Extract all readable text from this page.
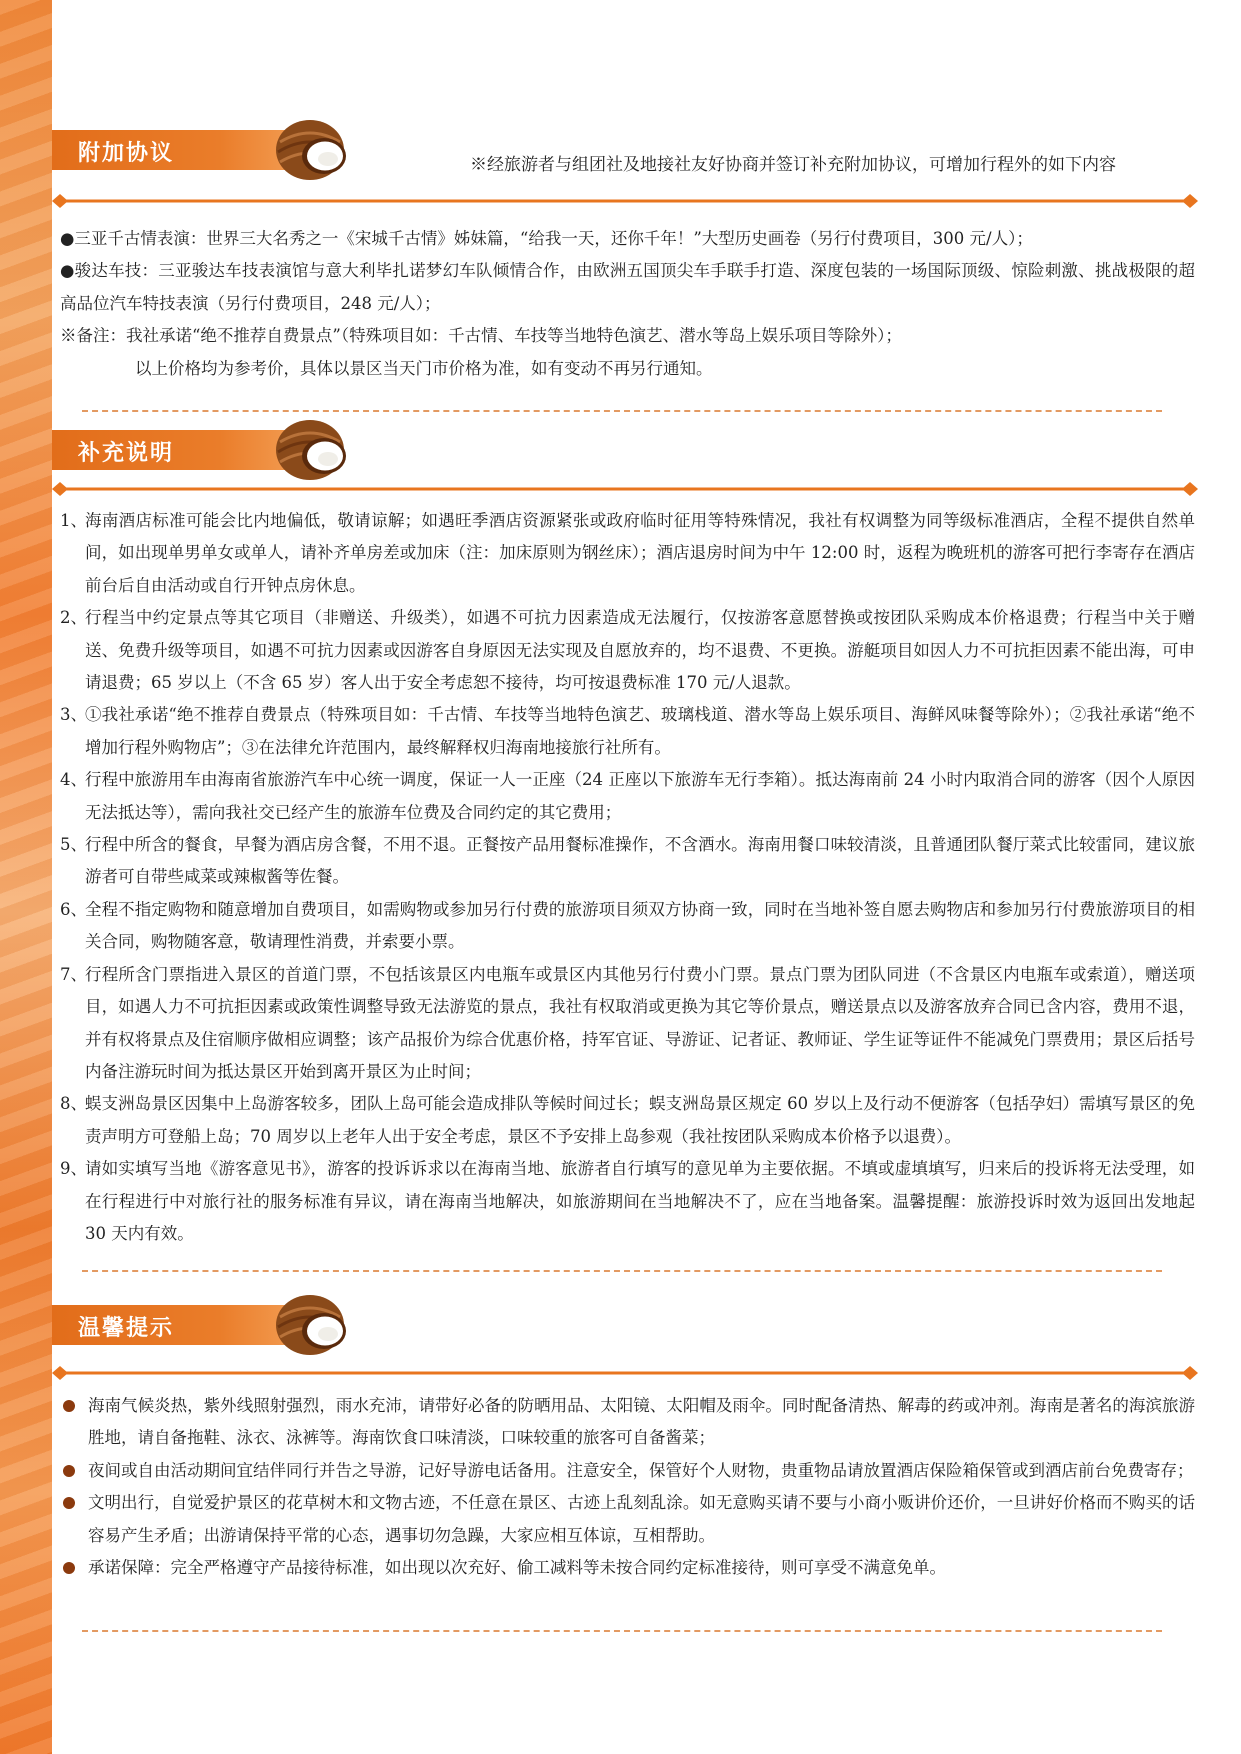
附加协议	※经旅游者与组团社及地接社友好协商并签订补充附加协议，可增加行程外的如下内容

●三亚千古情表演：世界三大名秀之一《宋城千古情》姊妹篇，“给我一天，还你千年！”大型历史画卷（另行付费项目，300 元/人）；

●骏达车技：三亚骏达车技表演馆与意大利毕扎诺梦幻车队倾情合作，由欧洲五国顶尖车手联手打造、深度包装的一场国际顶级、惊险刺激、挑战极限的超高品位汽车特技表演（另行付费项目，248 元/人）；

※备注：我社承诺“绝不推荐自费景点”（特殊项目如：千古情、车技等当地特色演艺、潜水等岛上娱乐项目等除外）；

以上价格均为参考价，具体以景区当天门市价格为准，如有变动不再另行通知。

补充说明
1、
海南酒店标准可能会比内地偏低，敬请谅解；如遇旺季酒店资源紧张或政府临时征用等特殊情况，我社有权调整为同等级标准酒店，全程不提供自然单间，如出现单男单女或单人，请补齐单房差或加床（注：加床原则为钢丝床）；酒店退房时间为中午 12:00 时，返程为晚班机的游客可把行李寄存在酒店前台后自由活动或自行开钟点房休息。
2、
行程当中约定景点等其它项目（非赠送、升级类），如遇不可抗力因素造成无法履行，仅按游客意愿替换或按团队采购成本价格退费；行程当中关于赠送、免费升级等项目，如遇不可抗力因素或因游客自身原因无法实现及自愿放弃的，均不退费、不更换。游艇项目如因人力不可抗拒因素不能出海，可申请退费；65 岁以上（不含 65 岁）客人出于安全考虑恕不接待，均可按退费标准 170 元/人退款。
3、
①我社承诺“绝不推荐自费景点（特殊项目如：千古情、车技等当地特色演艺、玻璃栈道、潜水等岛上娱乐项目、海鲜风味餐等除外）；②我社承诺“绝不增加行程外购物店”；③在法律允许范围内，最终解释权归海南地接旅行社所有。
4、
行程中旅游用车由海南省旅游汽车中心统一调度，保证一人一正座（24 正座以下旅游车无行李箱）。抵达海南前 24 小时内取消合同的游客（因个人原因无法抵达等），需向我社交已经产生的旅游车位费及合同约定的其它费用；
5、
行程中所含的餐食，早餐为酒店房含餐，不用不退。正餐按产品用餐标准操作，不含酒水。海南用餐口味较清淡，且普通团队餐厅菜式比较雷同，建议旅游者可自带些咸菜或辣椒酱等佐餐。
6、
全程不指定购物和随意增加自费项目，如需购物或参加另行付费的旅游项目须双方协商一致，同时在当地补签自愿去购物店和参加另行付费旅游项目的相关合同，购物随客意，敬请理性消费，并索要小票。
7、
行程所含门票指进入景区的首道门票，不包括该景区内电瓶车或景区内其他另行付费小门票。景点门票为团队同进（不含景区内电瓶车或索道），赠送项目，如遇人力不可抗拒因素或政策性调整导致无法游览的景点，我社有权取消或更换为其它等价景点，赠送景点以及游客放弃合同已含内容，费用不退，并有权将景点及住宿顺序做相应调整；该产品报价为综合优惠价格，持军官证、导游证、记者证、教师证、学生证等证件不能减免门票费用；景区后括号内备注游玩时间为抵达景区开始到离开景区为止时间；
8、
蜈支洲岛景区因集中上岛游客较多，团队上岛可能会造成排队等候时间过长；蜈支洲岛景区规定 60 岁以上及行动不便游客（包括孕妇）需填写景区的免责声明方可登船上岛；70 周岁以上老年人出于安全考虑，景区不予安排上岛参观（我社按团队采购成本价格予以退费）。
9、
请如实填写当地《游客意见书》，游客的投诉诉求以在海南当地、旅游者自行填写的意见单为主要依据。不填或虚填填写，归来后的投诉将无法受理，如在行程进行中对旅行社的服务标准有异议，请在海南当地解决，如旅游期间在当地解决不了，应在当地备案。温馨提醒：旅游投诉时效为返回出发地起 30 天内有效。
温馨提示
海南气候炎热，紫外线照射强烈，雨水充沛，请带好必备的防晒用品、太阳镜、太阳帽及雨伞。同时配备清热、解毒的药或冲剂。海南是著名的海滨旅游胜地，请自备拖鞋、泳衣、泳裤等。海南饮食口味清淡，口味较重的旅客可自备酱菜；
夜间或自由活动期间宜结伴同行并告之导游，记好导游电话备用。注意安全，保管好个人财物，贵重物品请放置酒店保险箱保管或到酒店前台免费寄存；
文明出行，自觉爱护景区的花草树木和文物古迹，不任意在景区、古迹上乱刻乱涂。如无意购买请不要与小商小贩讲价还价，一旦讲好价格而不购买的话容易产生矛盾；出游请保持平常的心态，遇事切勿急躁，大家应相互体谅，互相帮助。
承诺保障：完全严格遵守产品接待标准，如出现以次充好、偷工减料等未按合同约定标准接待，则可享受不满意免单。
